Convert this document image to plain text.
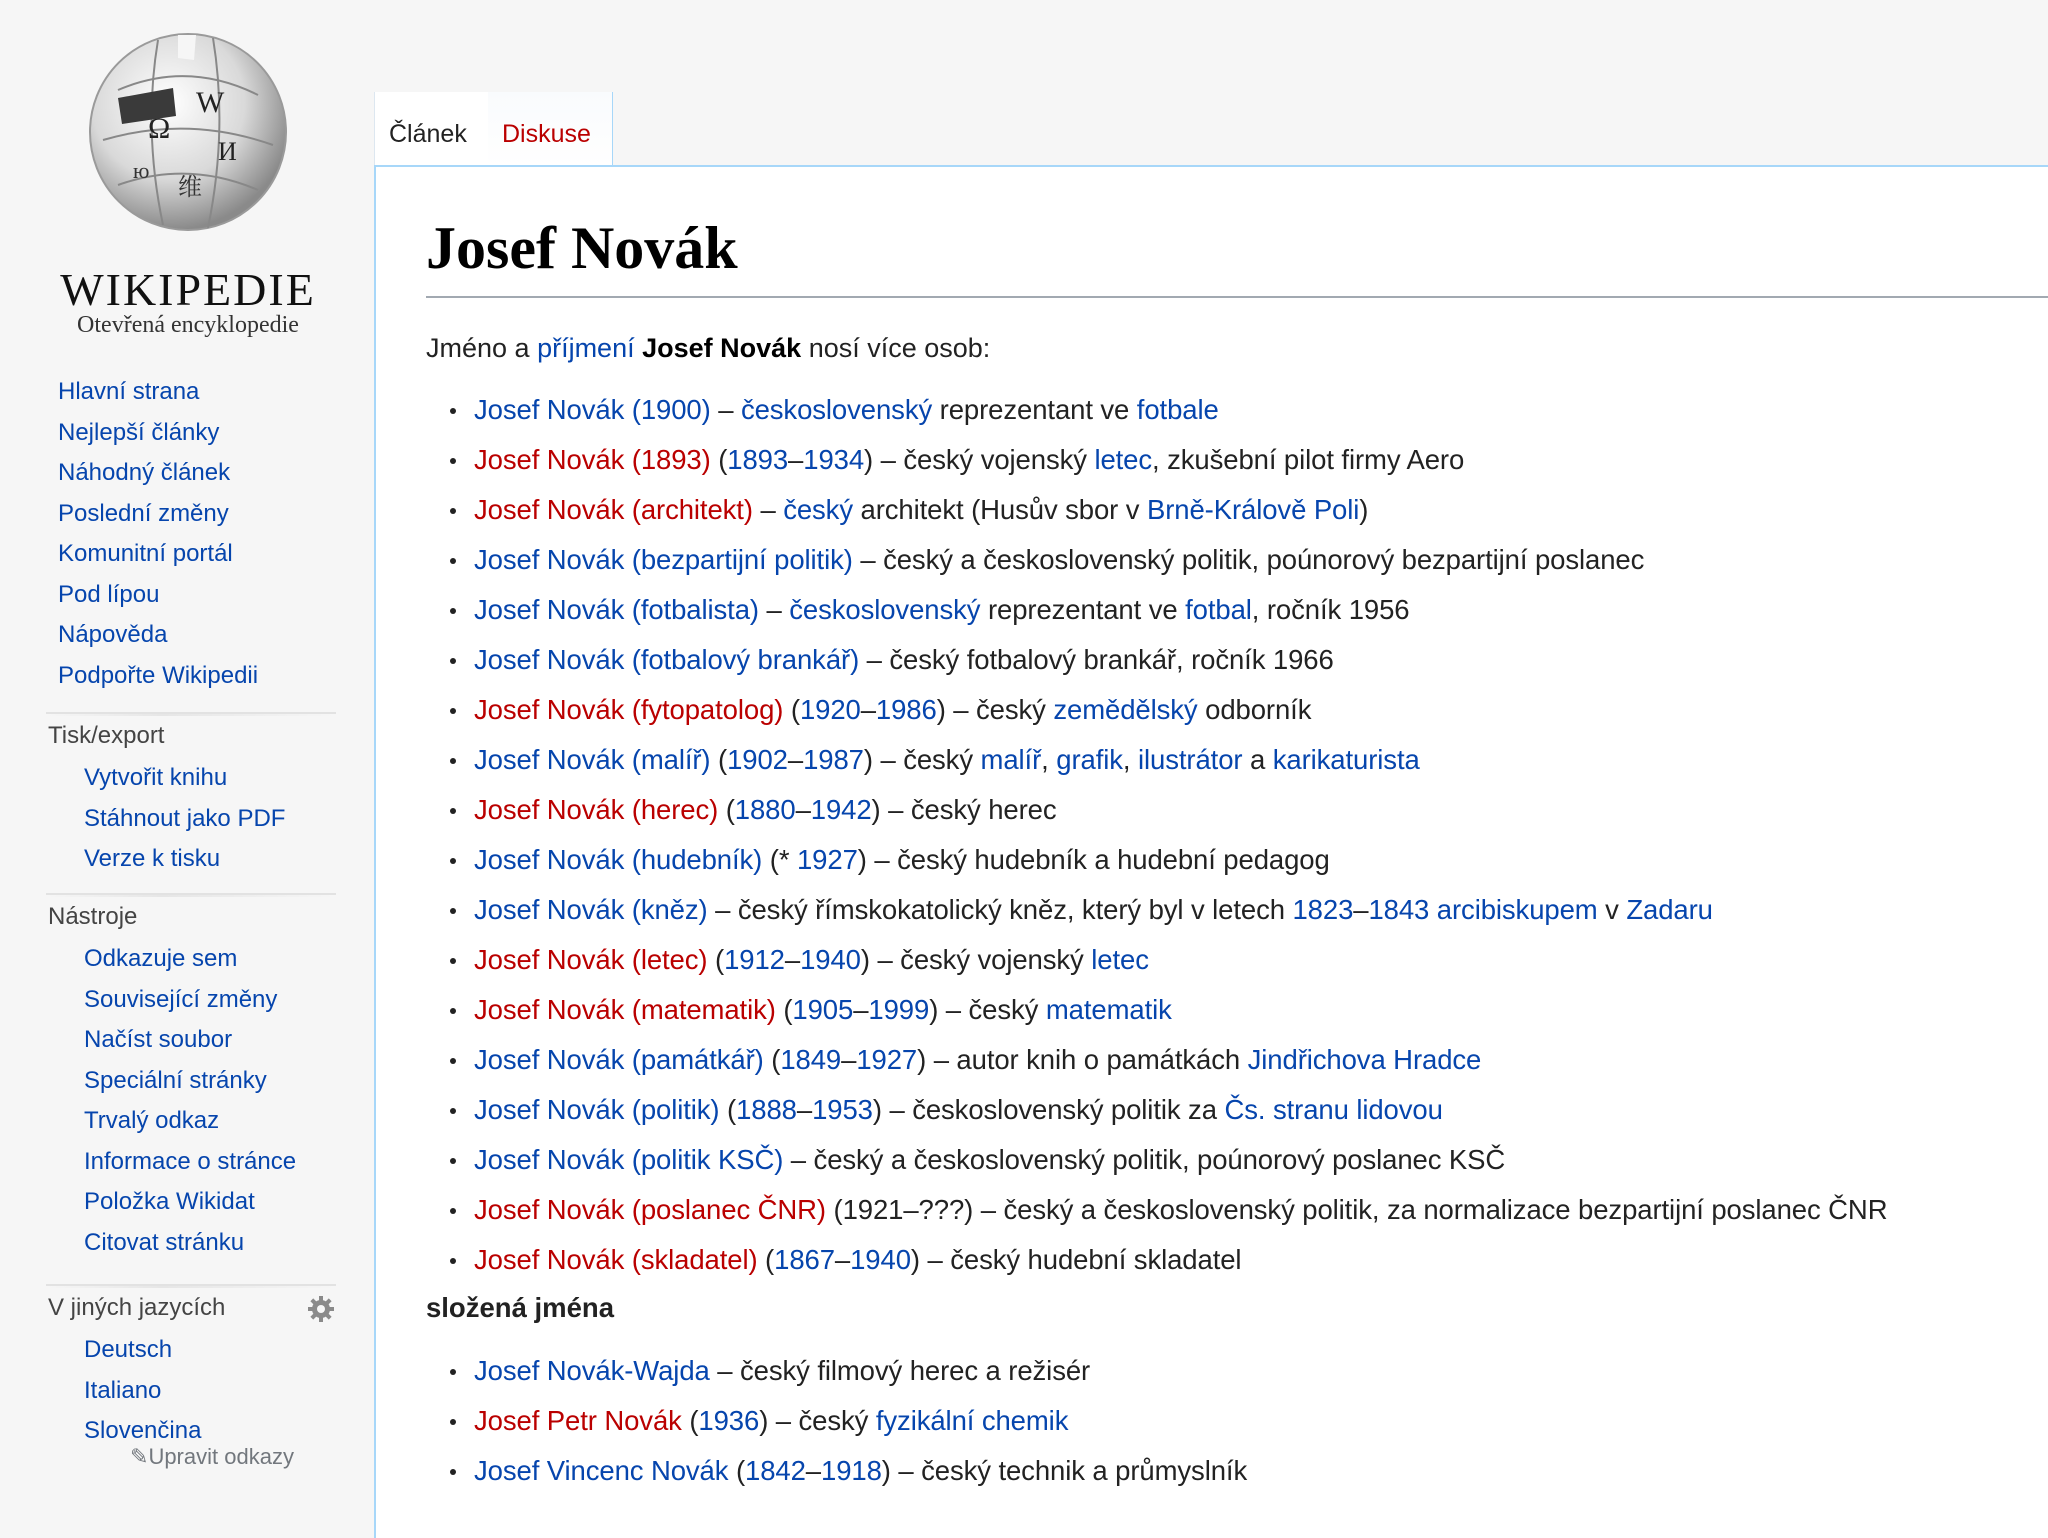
Ω
W
И
ю
维
WIKIPEDIE
Otevřená encyklopedie
Hlavní strana
Nejlepší články
Náhodný článek
Poslední změny
Komunitní portál
Pod lípou
Nápověda
Podpořte Wikipedii
Tisk/export
Vytvořit knihu
Stáhnout jako PDF
Verze k tisku
Nástroje
Odkazuje sem
Související změny
Načíst soubor
Speciální stránky
Trvalý odkaz
Informace o stránce
Položka Wikidat
Citovat stránku
V jiných jazycích
Deutsch
Italiano
Slovenčina
✎Upravit odkazy
Článek	Diskuse
Josef Novák
Jméno a příjmení Josef Novák nosí více osob:
Josef Novák (1900) – československý reprezentant ve fotbale
Josef Novák (1893) (1893–1934) – český vojenský letec, zkušební pilot firmy Aero
Josef Novák (architekt) – český architekt (Husův sbor v Brně-Králově Poli)
Josef Novák (bezpartijní politik) – český a československý politik, poúnorový bezpartijní poslanec
Josef Novák (fotbalista) – československý reprezentant ve fotbal, ročník 1956
Josef Novák (fotbalový brankář) – český fotbalový brankář, ročník 1966
Josef Novák (fytopatolog) (1920–1986) – český zemědělský odborník
Josef Novák (malíř) (1902–1987) – český malíř, grafik, ilustrátor a karikaturista
Josef Novák (herec) (1880–1942) – český herec
Josef Novák (hudebník) (* 1927) – český hudebník a hudební pedagog
Josef Novák (kněz) – český římskokatolický kněz, který byl v letech 1823–1843 arcibiskupem v Zadaru
Josef Novák (letec) (1912–1940) – český vojenský letec
Josef Novák (matematik) (1905–1999) – český matematik
Josef Novák (památkář) (1849–1927) – autor knih o památkách Jindřichova Hradce
Josef Novák (politik) (1888–1953) – československý politik za Čs. stranu lidovou
Josef Novák (politik KSČ) – český a československý politik, poúnorový poslanec KSČ
Josef Novák (poslanec ČNR) (1921–???) – český a československý politik, za normalizace bezpartijní poslanec ČNR
Josef Novák (skladatel) (1867–1940) – český hudební skladatel
složená jména
Josef Novák-Wajda – český filmový herec a režisér
Josef Petr Novák (1936) – český fyzikální chemik
Josef Vincenc Novák (1842–1918) – český technik a průmyslník
